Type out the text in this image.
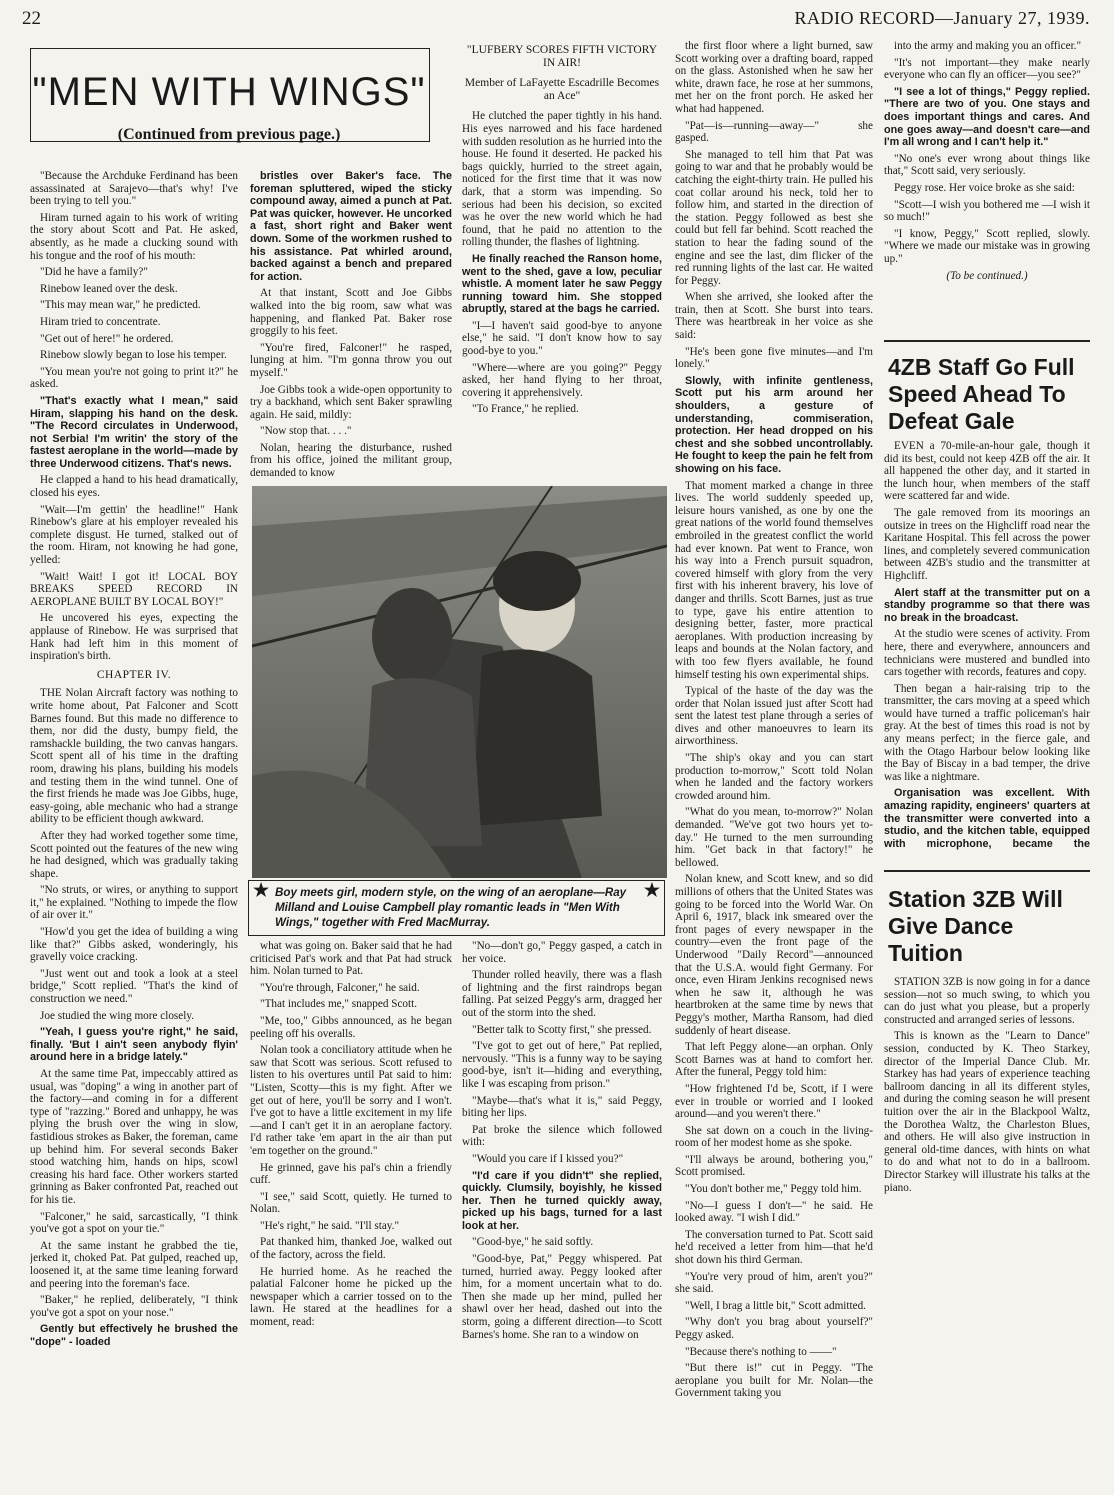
22	RADIO RECORD—January 27, 1939.
"MEN WITH WINGS"
(Continued from previous page.)

"Because the Archduke Ferdinand has been assassinated at Sarajevo—that's why! I've been trying to tell you."

Hiram turned again to his work of writing the story about Scott and Pat. He asked, absently, as he made a clucking sound with his tongue and the roof of his mouth:

"Did he have a family?"

Rinebow leaned over the desk.

"This may mean war," he predicted.

Hiram tried to concentrate.

"Get out of here!" he ordered.

Rinebow slowly began to lose his temper.

"You mean you're not going to print it?" he asked.

"That's exactly what I mean," said Hiram, slapping his hand on the desk. "The Record circulates in Underwood, not Serbia! I'm writin' the story of the fastest aeroplane in the world—made by three Underwood citizens. That's news.

He clapped a hand to his head dramatically, closed his eyes.

"Wait—I'm gettin' the headline!" Hank Rinebow's glare at his employer revealed his complete disgust. He turned, stalked out of the room. Hiram, not knowing he had gone, yelled:

"Wait! Wait! I got it! LOCAL BOY BREAKS SPEED RECORD IN AEROPLANE BUILT BY LOCAL BOY!"

He uncovered his eyes, expecting the applause of Rinebow. He was surprised that Hank had left him in this moment of inspiration's birth.

CHAPTER IV.

THE Nolan Aircraft factory was nothing to write home about, Pat Falconer and Scott Barnes found. But this made no difference to them, nor did the dusty, bumpy field, the ramshackle building, the two canvas hangars. Scott spent all of his time in the drafting room, drawing his plans, building his models and testing them in the wind tunnel. One of the first friends he made was Joe Gibbs, huge, easy-going, able mechanic who had a strange ability to be efficient though awkward.

After they had worked together some time, Scott pointed out the features of the new wing he had designed, which was gradually taking shape.

"No struts, or wires, or anything to support it," he explained. "Nothing to impede the flow of air over it."

"How'd you get the idea of building a wing like that?" Gibbs asked, wonderingly, his gravelly voice cracking.

"Just went out and took a look at a steel bridge," Scott replied. "That's the kind of construction we need."

Joe studied the wing more closely.

"Yeah, I guess you're right," he said, finally. 'But I ain't seen anybody flyin' around here in a bridge lately."

At the same time Pat, impeccably attired as usual, was "doping" a wing in another part of the factory—and coming in for a different type of "razzing." Bored and unhappy, he was plying the brush over the wing in slow, fastidious strokes as Baker, the foreman, came up behind him. For several seconds Baker stood watching him, hands on hips, scowl creasing his hard face. Other workers started grinning as Baker confronted Pat, reached out for his tie.

"Falconer," he said, sarcastically, "I think you've got a spot on your tie."

At the same instant he grabbed the tie, jerked it, choked Pat. Pat gulped, reached up, loosened it, at the same time leaning forward and peering into the foreman's face.

"Baker," he replied, deliberately, "I think you've got a spot on your nose."

Gently but effectively he brushed the "dope" - loaded

bristles over Baker's face. The foreman spluttered, wiped the sticky compound away, aimed a punch at Pat. Pat was quicker, however. He uncorked a fast, short right and Baker went down. Some of the workmen rushed to his assistance. Pat whirled around, backed against a bench and prepared for action.

At that instant, Scott and Joe Gibbs walked into the big room, saw what was happening, and flanked Pat. Baker rose groggily to his feet.

"You're fired, Falconer!" he rasped, lunging at him. "I'm gonna throw you out myself."

Joe Gibbs took a wide-open opportunity to try a backhand, which sent Baker sprawling again. He said, mildly:

"Now stop that. . . ."

Nolan, hearing the disturbance, rushed from his office, joined the militant group, demanded to know

"LUFBERY SCORES FIFTH VICTORY IN AIR!
Member of LaFayette Escadrille Becomes an Ace"

He clutched the paper tightly in his hand. His eyes narrowed and his face hardened with sudden resolution as he hurried into the house. He found it deserted. He packed his bags quickly, hurried to the street again, noticed for the first time that it was now dark, that a storm was impending. So serious had been his decision, so excited was he over the new world which he had found, that he paid no attention to the rolling thunder, the flashes of lightning.

He finally reached the Ranson home, went to the shed, gave a low, peculiar whistle. A moment later he saw Peggy running toward him. She stopped abruptly, stared at the bags he carried.

"I—I haven't said good-bye to anyone else," he said. "I don't know how to say good-bye to you."

"Where—where are you going?" Peggy asked, her hand flying to her throat, covering it apprehensively.

"To France," he replied.

★ Boy meets girl, modern style, on the wing of an aeroplane—Ray Milland and Louise Campbell play romantic leads in "Men With Wings," together with Fred MacMurray.
★

what was going on. Baker said that he had criticised Pat's work and that Pat had struck him. Nolan turned to Pat.

"You're through, Falconer," he said.

"That includes me," snapped Scott.

"Me, too," Gibbs announced, as he began peeling off his overalls.

Nolan took a conciliatory attitude when he saw that Scott was serious. Scott refused to listen to his overtures until Pat said to him: "Listen, Scotty—this is my fight. After we get out of here, you'll be sorry and I won't. I've got to have a little excitement in my life—and I can't get it in an aeroplane factory. I'd rather take 'em apart in the air than put 'em together on the ground."

He grinned, gave his pal's chin a friendly cuff.

"I see," said Scott, quietly. He turned to Nolan.

"He's right," he said. "I'll stay."

Pat thanked him, thanked Joe, walked out of the factory, across the field.

He hurried home. As he reached the palatial Falconer home he picked up the newspaper which a carrier tossed on to the lawn. He stared at the headlines for a moment, read:

"No—don't go," Peggy gasped, a catch in her voice.

Thunder rolled heavily, there was a flash of lightning and the first raindrops began falling. Pat seized Peggy's arm, dragged her out of the storm into the shed.

"Better talk to Scotty first," she pressed.

"I've got to get out of here," Pat replied, nervously. "This is a funny way to be saying good-bye, isn't it—hiding and everything, like I was escaping from prison."

"Maybe—that's what it is," said Peggy, biting her lips.

Pat broke the silence which followed with:

"Would you care if I kissed you?"

"I'd care if you didn't" she replied, quickly. Clumsily, boyishly, he kissed her. Then he turned quickly away, picked up his bags, turned for a last look at her.

"Good-bye," he said softly.

"Good-bye, Pat," Peggy whispered. Pat turned, hurried away. Peggy looked after him, for a moment uncertain what to do. Then she made up her mind, pulled her shawl over her head, dashed out into the storm, going a different direction—to Scott Barnes's home. She ran to a window on

the first floor where a light burned, saw Scott working over a drafting board, rapped on the glass. Astonished when he saw her white, drawn face, he rose at her summons, met her on the front porch. He asked her what had happened.

"Pat—is—running—away—" she gasped.

She managed to tell him that Pat was going to war and that he probably would be catching the eight-thirty train. He pulled his coat collar around his neck, told her to follow him, and started in the direction of the station. Peggy followed as best she could but fell far behind. Scott reached the station to hear the fading sound of the engine and see the last, dim flicker of the red running lights of the last car. He waited for Peggy.

When she arrived, she looked after the train, then at Scott. She burst into tears. There was heartbreak in her voice as she said:

"He's been gone five minutes—and I'm lonely."

Slowly, with infinite gentleness, Scott put his arm around her shoulders, a gesture of understanding, commiseration, protection. Her head dropped on his chest and she sobbed uncontrollably. He fought to keep the pain he felt from showing on his face.

That moment marked a change in three lives. The world suddenly speeded up, leisure hours vanished, as one by one the great nations of the world found themselves embroiled in the greatest conflict the world had ever known. Pat went to France, won his way into a French pursuit squadron, covered himself with glory from the very first with his inherent bravery, his love of danger and thrills. Scott Barnes, just as true to type, gave his entire attention to designing better, faster, more practical aeroplanes. With production increasing by leaps and bounds at the Nolan factory, and with too few flyers available, he found himself testing his own experimental ships.

Typical of the haste of the day was the order that Nolan issued just after Scott had sent the latest test plane through a series of dives and other manoeuvres to learn its airworthiness.

"The ship's okay and you can start production to-morrow," Scott told Nolan when he landed and the factory workers crowded around him.

"What do you mean, to-morrow?" Nolan demanded. "We've got two hours yet to-day." He turned to the men surrounding him. "Get back in that factory!" he bellowed.

Nolan knew, and Scott knew, and so did millions of others that the United States was going to be forced into the World War. On April 6, 1917, black ink smeared over the front pages of every newspaper in the country—even the front page of the Underwood "Daily Record"—announced that the U.S.A. would fight Germany. For once, even Hiram Jenkins recognised news when he saw it, although he was heartbroken at the same time by news that Peggy's mother, Martha Ransom, had died suddenly of heart disease.

That left Peggy alone—an orphan. Only Scott Barnes was at hand to comfort her. After the funeral, Peggy told him:

"How frightened I'd be, Scott, if I were ever in trouble or worried and I looked around—and you weren't there."

She sat down on a couch in the living-room of her modest home as she spoke.

"I'll always be around, bothering you," Scott promised.

"You don't bother me," Peggy told him.

"No—I guess I don't—" he said. He looked away. "I wish I did."

The conversation turned to Pat. Scott said he'd received a letter from him—that he'd shot down his third German.

"You're very proud of him, aren't you?" she said.

"Well, I brag a little bit," Scott admitted.

"Why don't you brag about yourself?" Peggy asked.

"Because there's nothing to ——"

"But there is!" cut in Peggy. "The aeroplane you built for Mr. Nolan—the Government taking you

into the army and making you an officer."

"It's not important—they make nearly everyone who can fly an officer—you see?"

"I see a lot of things," Peggy replied. "There are two of you. One stays and does important things and cares. And one goes away—and doesn't care—and I'm all wrong and I can't help it."

"No one's ever wrong about things like that," Scott said, very seriously.

Peggy rose. Her voice broke as she said:

"Scott—I wish you bothered me —I wish it so much!"

"I know, Peggy," Scott replied, slowly. "Where we made our mistake was in growing up."

(To be continued.)
4ZB Staff Go Full Speed Ahead To Defeat Gale

EVEN a 70-mile-an-hour gale, though it did its best, could not keep 4ZB off the air. It all happened the other day, and it started in the lunch hour, when members of the staff were scattered far and wide.

The gale removed from its moorings an outsize in trees on the Highcliff road near the Karitane Hospital. This fell across the power lines, and completely severed communication between 4ZB's studio and the transmitter at Highcliff.

Alert staff at the transmitter put on a standby programme so that there was no break in the broadcast.

At the studio were scenes of activity. From here, there and everywhere, announcers and technicians were mustered and bundled into cars together with records, features and copy.

Then began a hair-raising trip to the transmitter, the cars moving at a speed which would have turned a traffic policeman's hair gray. At the best of times this road is not by any means perfect; in the fierce gale, and with the Otago Harbour below looking like the Bay of Biscay in a bad temper, the drive was like a nightmare.

Organisation was excellent. With amazing rapidity, engineers' quarters at the transmitter were converted into a studio, and the kitchen table, equipped with microphone, became the

Station 3ZB Will Give Dance Tuition

STATION 3ZB is now going in for a dance session—not so much swing, to which you can do just what you please, but a properly constructed and arranged series of lessons.

This is known as the "Learn to Dance" session, conducted by K. Theo Starkey, director of the Imperial Dance Club. Mr. Starkey has had years of experience teaching ballroom dancing in all its different styles, and during the coming season he will present tuition over the air in the Blackpool Waltz, the Dorothea Waltz, the Charleston Blues, and others. He will also give instruction in general old-time dances, with hints on what to do and what not to do in a ballroom. Director Starkey will illustrate his talks at the piano.
